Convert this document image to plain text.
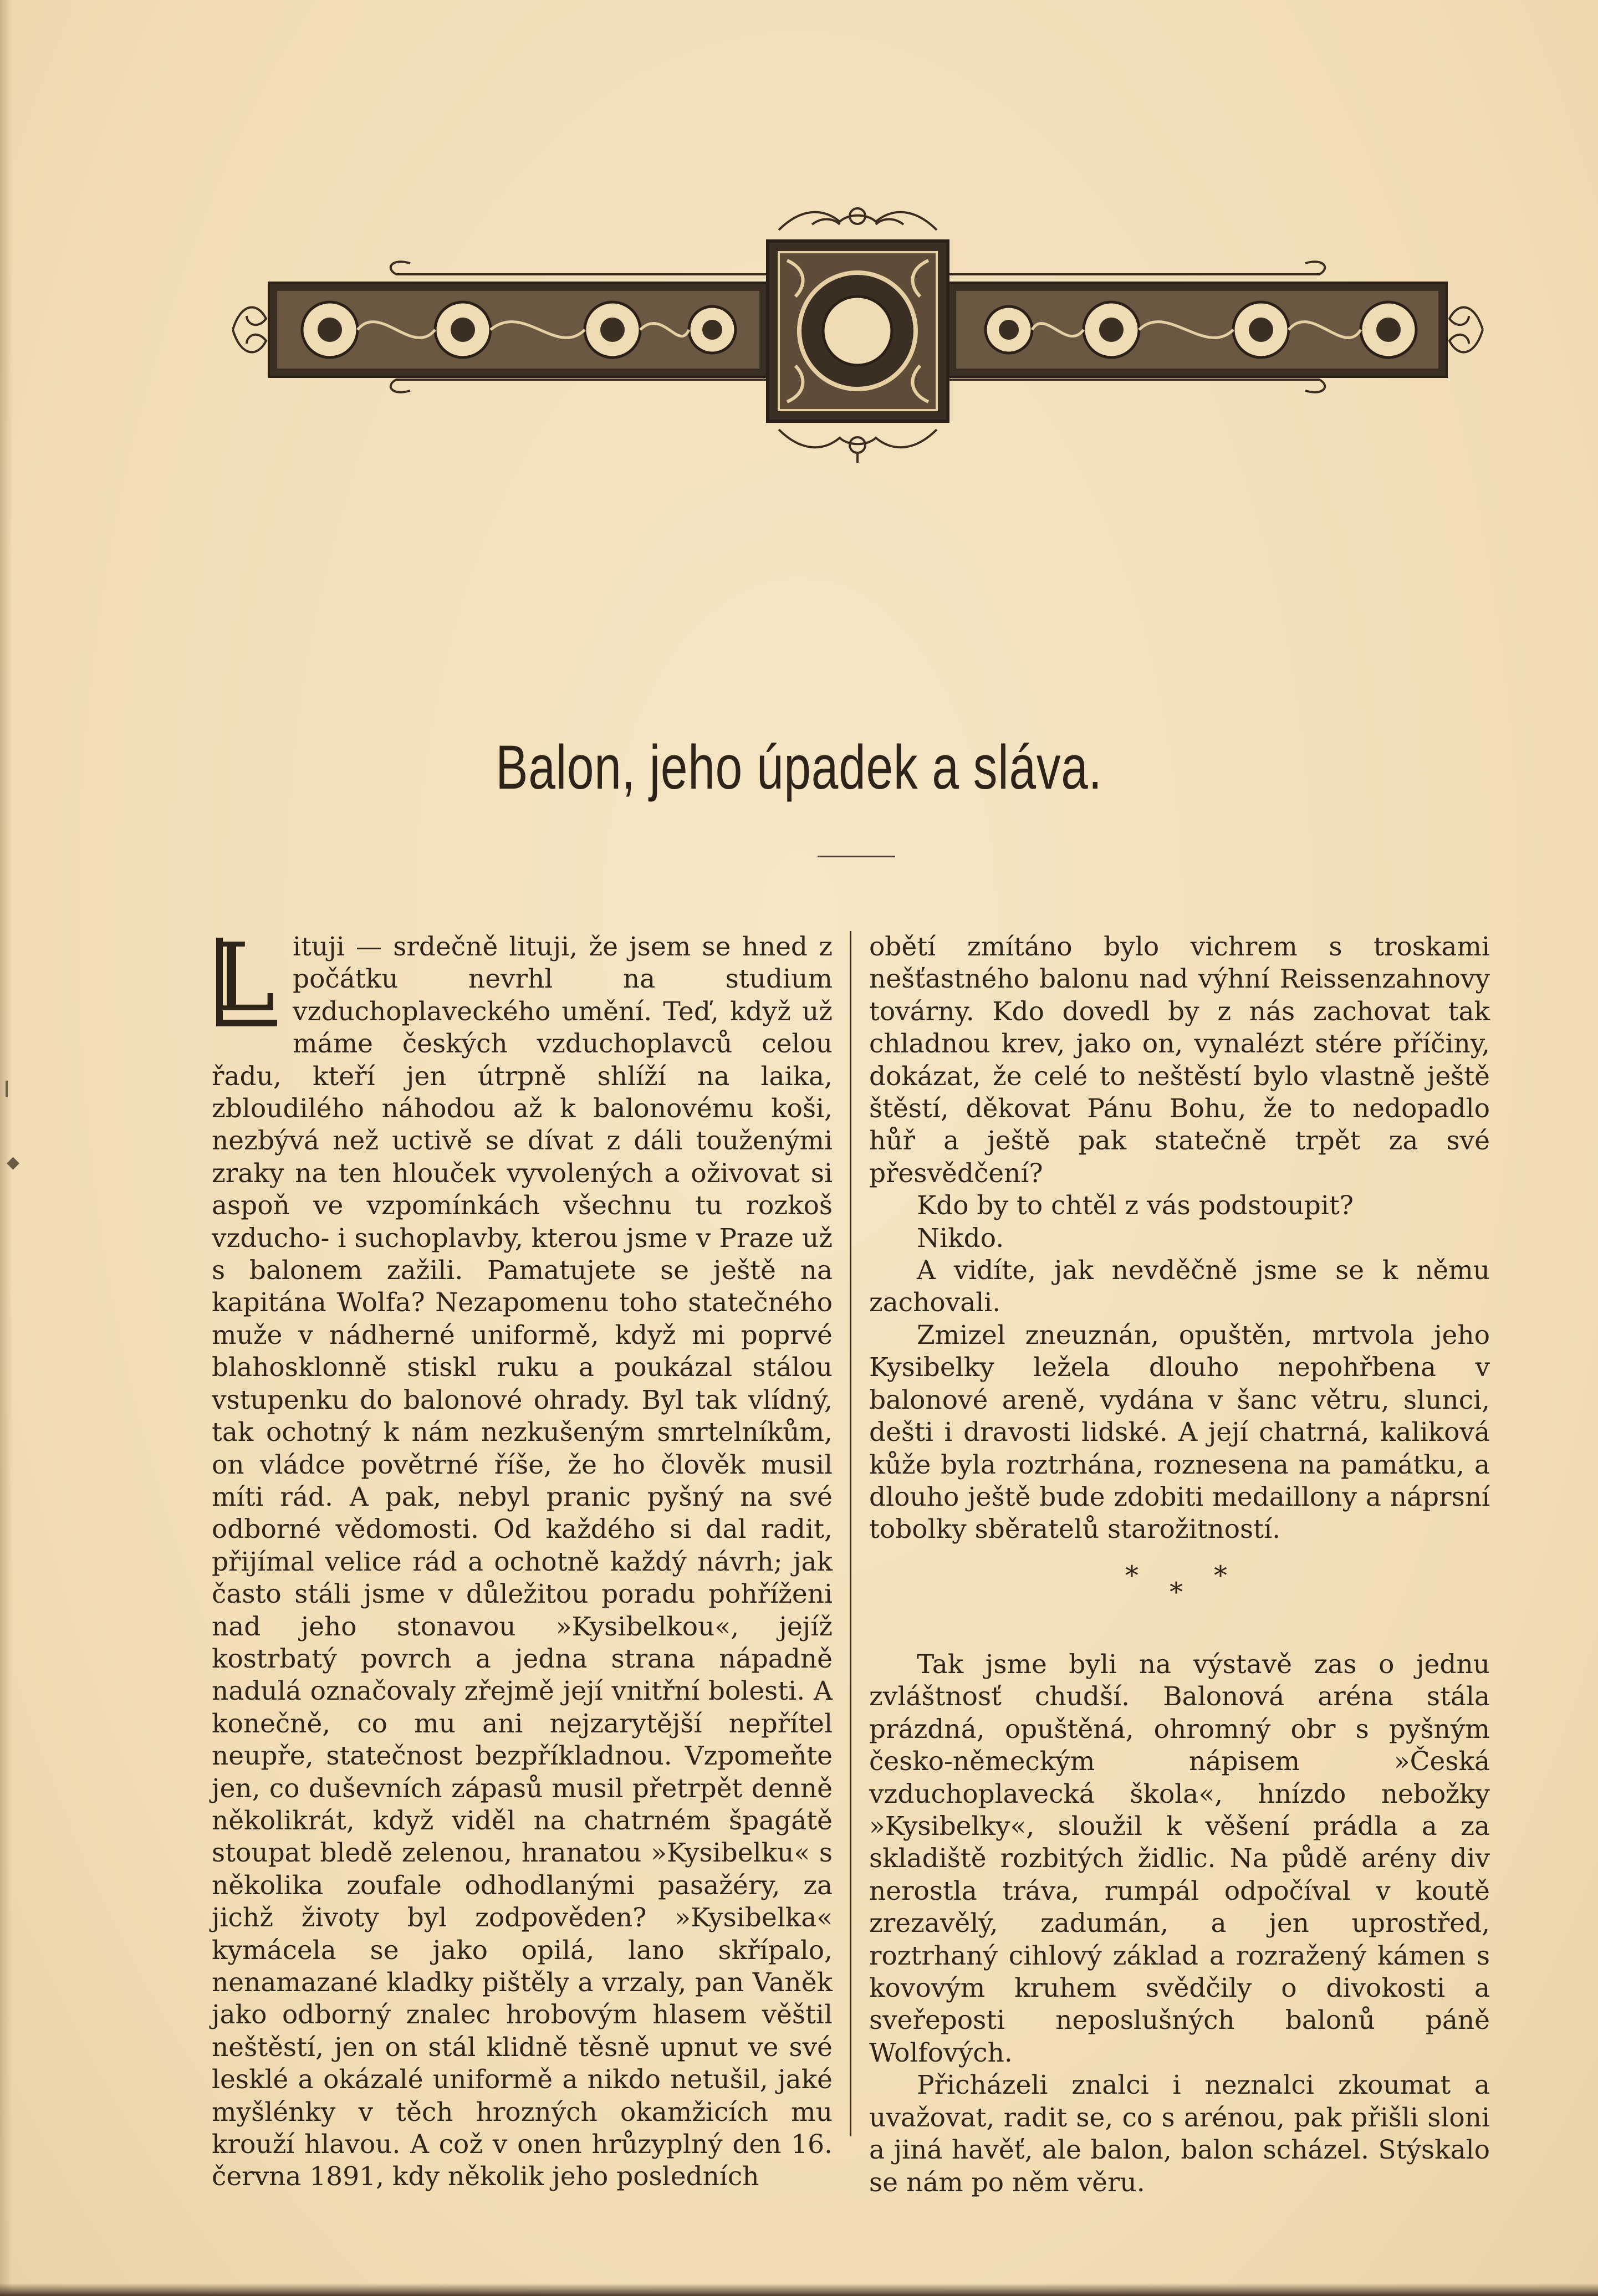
Balon, jeho úpadek a sláva.
L ituji — srdečně lituji, že jsem se hned z počátku nevrhl na studium vzduchoplaveckého umění. Teď, když už máme českých vzduchoplavců celou řadu, kteří jen útrpně shlíží na laika, zbloudilého náhodou až k balonovému koši, nezbývá než uctivě se dívat z dáli touženými zraky na ten hlouček vyvolených a oživovat si aspoň ve vzpomínkách všechnu tu rozkoš vzducho- i suchoplavby, kterou jsme v Praze už s balonem zažili. Pamatujete se ještě na kapitána Wolfa? Nezapomenu toho statečného muže v nádherné uniformě, když mi poprvé blahosklonně stiskl ruku a poukázal stálou vstupenku do balonové ohrady. Byl tak vlídný, tak ochotný k nám nezkušeným smrtelníkům, on vládce povětrné říše, že ho člověk musil míti rád. A pak, nebyl pranic pyšný na své odborné vědomosti. Od každého si dal radit, přijímal velice rád a ochotně každý návrh; jak často stáli jsme v důležitou poradu pohříženi nad jeho stonavou »Kysibelkou«, jejíž kostrbatý povrch a jedna strana nápadně nadulá označovaly zřejmě její vnitřní bolesti. A konečně, co mu ani nejzarytější nepřítel neupře, statečnost bezpříkladnou. Vzpomeňte jen, co duševních zápasů musil přetrpět denně několikrát, když viděl na chatrném špagátě stoupat bledě zelenou, hranatou »Kysibelku« s několika zoufale odhodlanými pasažéry, za jichž životy byl zodpověden? »Kysibelka« kymácela se jako opilá, lano skřípalo, nenamazané kladky pištěly a vrzaly, pan Vaněk jako odborný znalec hrobovým hlasem věštil neštěstí, jen on stál klidně těsně upnut ve své lesklé a okázalé uniformě a nikdo netušil, jaké myšlénky v těch hrozných okamžicích mu krouží hlavou. A což v onen hrůzyplný den 16. června 1891, kdy několik jeho posledních

obětí zmítáno bylo vichrem s troskami nešťastného balonu nad výhní Reissenzahnovy továrny. Kdo dovedl by z nás zachovat tak chladnou krev, jako on, vynalézt stére příčiny, dokázat, že celé to neštěstí bylo vlastně ještě štěstí, děkovat Pánu Bohu, že to nedopadlo hůř a ještě pak statečně trpět za své přesvědčení?

Kdo by to chtěl z vás podstoupit?

Nikdo.

A vidíte, jak nevděčně jsme se k němu zachovali.

Zmizel zneuznán, opuštěn, mrtvola jeho Kysibelky ležela dlouho nepohřbena v balonové areně, vydána v šanc větru, slunci, dešti i dravosti lidské. A její chatrná, kaliková kůže byla roztrhána, roznesena na památku, a dlouho ještě bude zdobiti medaillony a náprsní tobolky sběratelů starožitností.

*
*
*

Tak jsme byli na výstavě zas o jednu zvláštnosť chudší. Balonová aréna stála prázdná, opuštěná, ohromný obr s pyšným česko-německým nápisem »Česká vzduchoplavecká škola«, hnízdo nebožky »Kysibelky«, sloužil k věšení prádla a za skladiště rozbitých židlic. Na půdě arény div nerostla tráva, rumpál odpočíval v koutě zrezavělý, zadumán, a jen uprostřed, roztrhaný cihlový základ a rozražený kámen s kovovým kruhem svědčily o divokosti a sveřeposti neposlušných balonů páně Wolfových.

Přicházeli znalci i neznalci zkoumat a uvažovat, radit se, co s arénou, pak přišli sloni a jiná havěť, ale balon, balon scházel. Stýskalo se nám po něm věru.
